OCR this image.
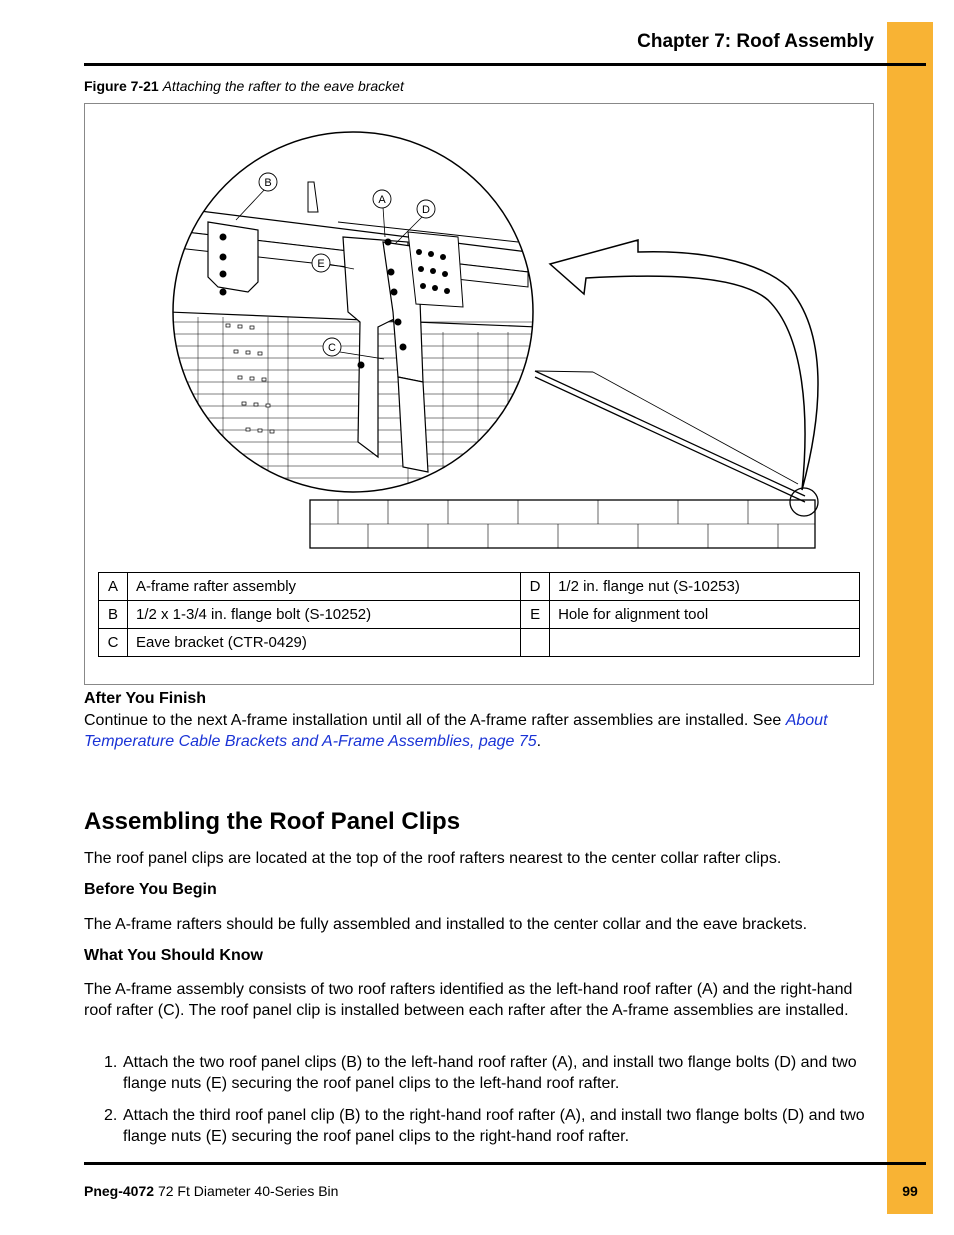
Chapter 7: Roof Assembly
Figure 7-21 Attaching the rafter to the eave bracket
B
A
D
E
C
A	A-frame rafter assembly	D	1/2 in. flange nut (S-10253)
B	1/2 x 1-3/4 in. flange bolt (S-10252)	E	Hole for alignment tool
C	Eave bracket (CTR-0429)		
After You Finish
Continue to the next A-frame installation until all of the A-frame rafter assemblies are installed. See About Temperature Cable Brackets and A-Frame Assemblies, page 75.
Assembling the Roof Panel Clips
The roof panel clips are located at the top of the roof rafters nearest to the center collar rafter clips.
Before You Begin
The A-frame rafters should be fully assembled and installed to the center collar and the eave brackets.
What You Should Know
The A-frame assembly consists of two roof rafters identified as the left-hand roof rafter (A) and the right-hand roof rafter (C). The roof panel clip is installed between each rafter after the A-frame assemblies are installed.
1. Attach the two roof panel clips (B) to the left-hand roof rafter (A), and install two flange bolts (D) and two flange nuts (E) securing the roof panel clips to the left-hand roof rafter.
2. Attach the third roof panel clip (B) to the right-hand roof rafter (A), and install two flange bolts (D) and two flange nuts (E) securing the roof panel clips to the right-hand roof rafter.
Pneg-4072 72 Ft Diameter 40-Series Bin	99
